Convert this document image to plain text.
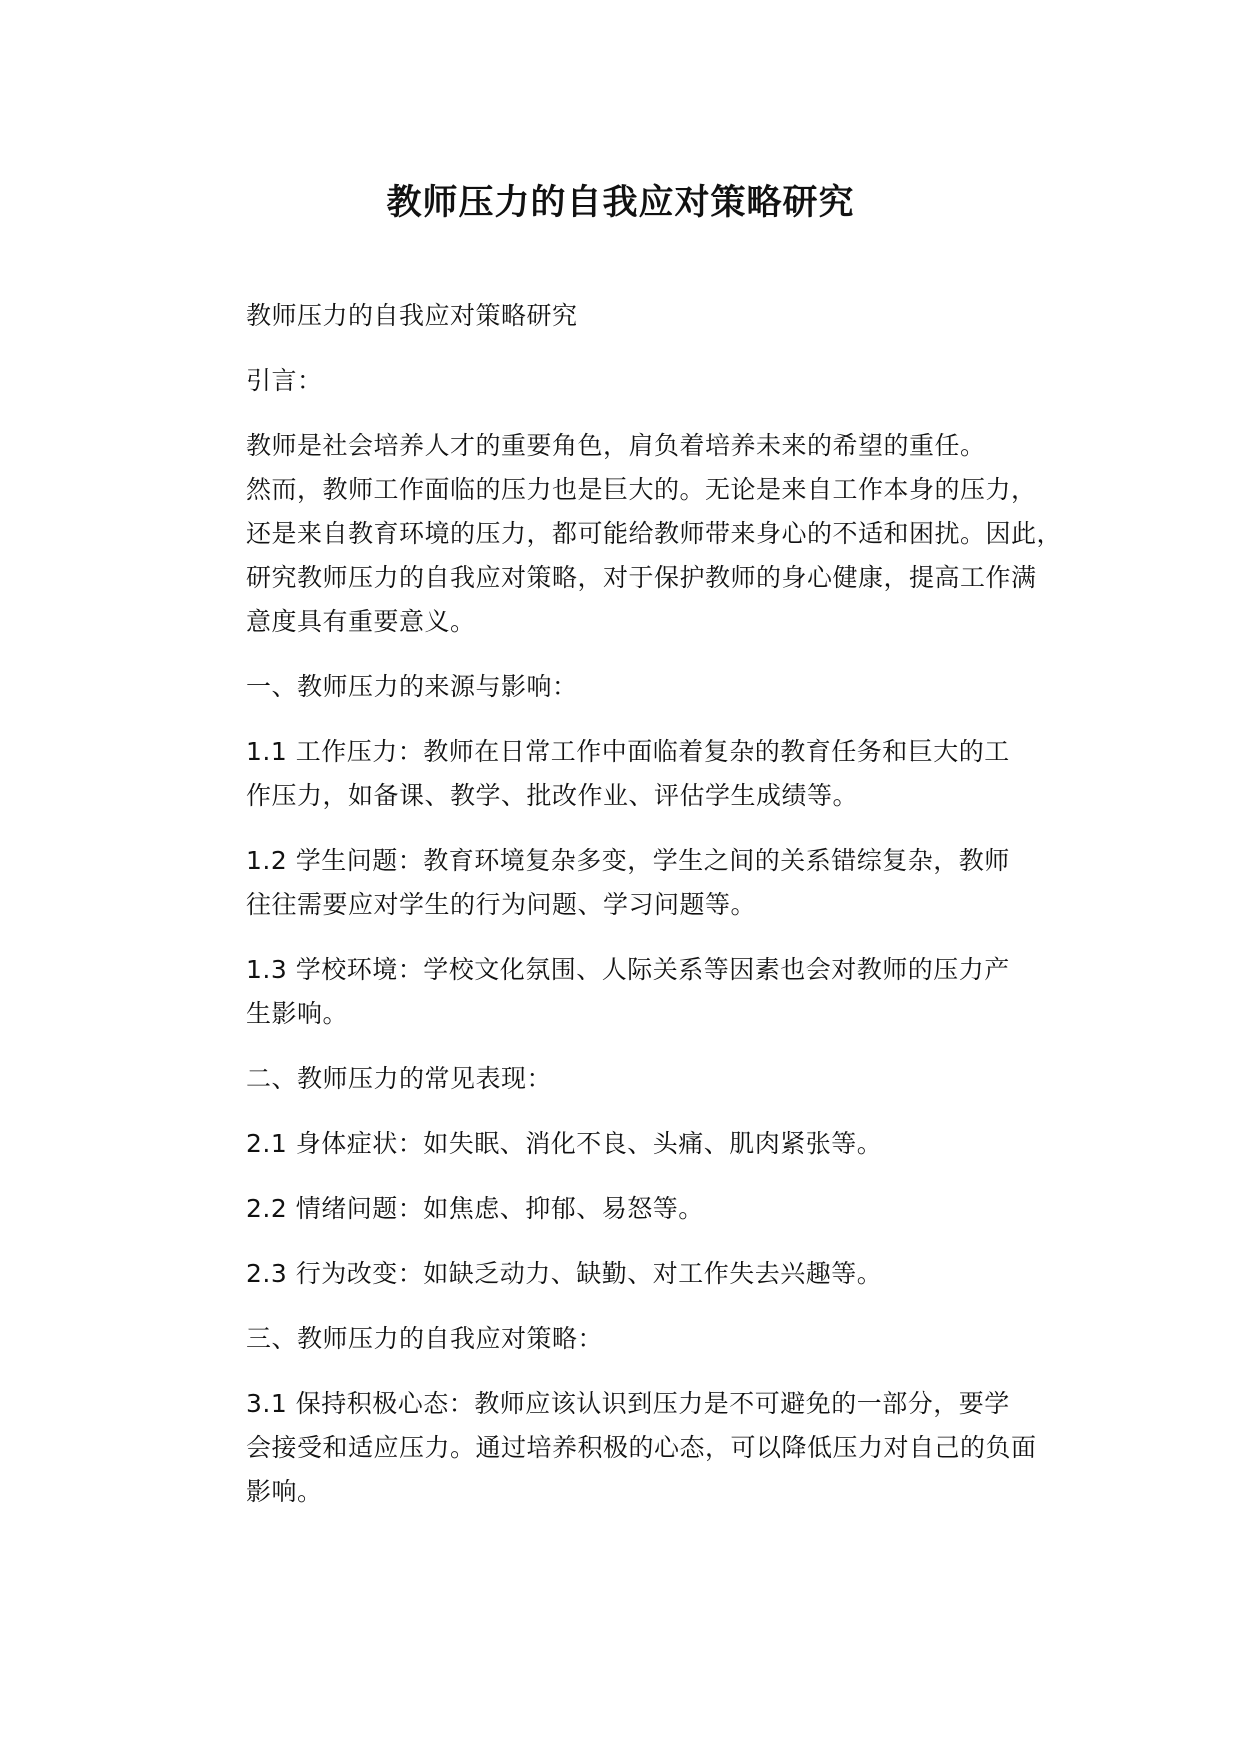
教师压力的自我应对策略研究

教师压力的自我应对策略研究

引言：

教师是社会培养人才的重要角色，肩负着培养未来的希望的重任。
然而，教师工作面临的压力也是巨大的。无论是来自工作本身的压力，
还是来自教育环境的压力，都可能给教师带来身心的不适和困扰。因此，
研究教师压力的自我应对策略，对于保护教师的身心健康，提高工作满
意度具有重要意义。

一、教师压力的来源与影响：

1.1 工作压力：教师在日常工作中面临着复杂的教育任务和巨大的工
作压力，如备课、教学、批改作业、评估学生成绩等。

1.2 学生问题：教育环境复杂多变，学生之间的关系错综复杂，教师
往往需要应对学生的行为问题、学习问题等。

1.3 学校环境：学校文化氛围、人际关系等因素也会对教师的压力产
生影响。

二、教师压力的常见表现：

2.1 身体症状：如失眠、消化不良、头痛、肌肉紧张等。

2.2 情绪问题：如焦虑、抑郁、易怒等。

2.3 行为改变：如缺乏动力、缺勤、对工作失去兴趣等。

三、教师压力的自我应对策略：

3.1 保持积极心态：教师应该认识到压力是不可避免的一部分，要学
会接受和适应压力。通过培养积极的心态，可以降低压力对自己的负面
影响。
